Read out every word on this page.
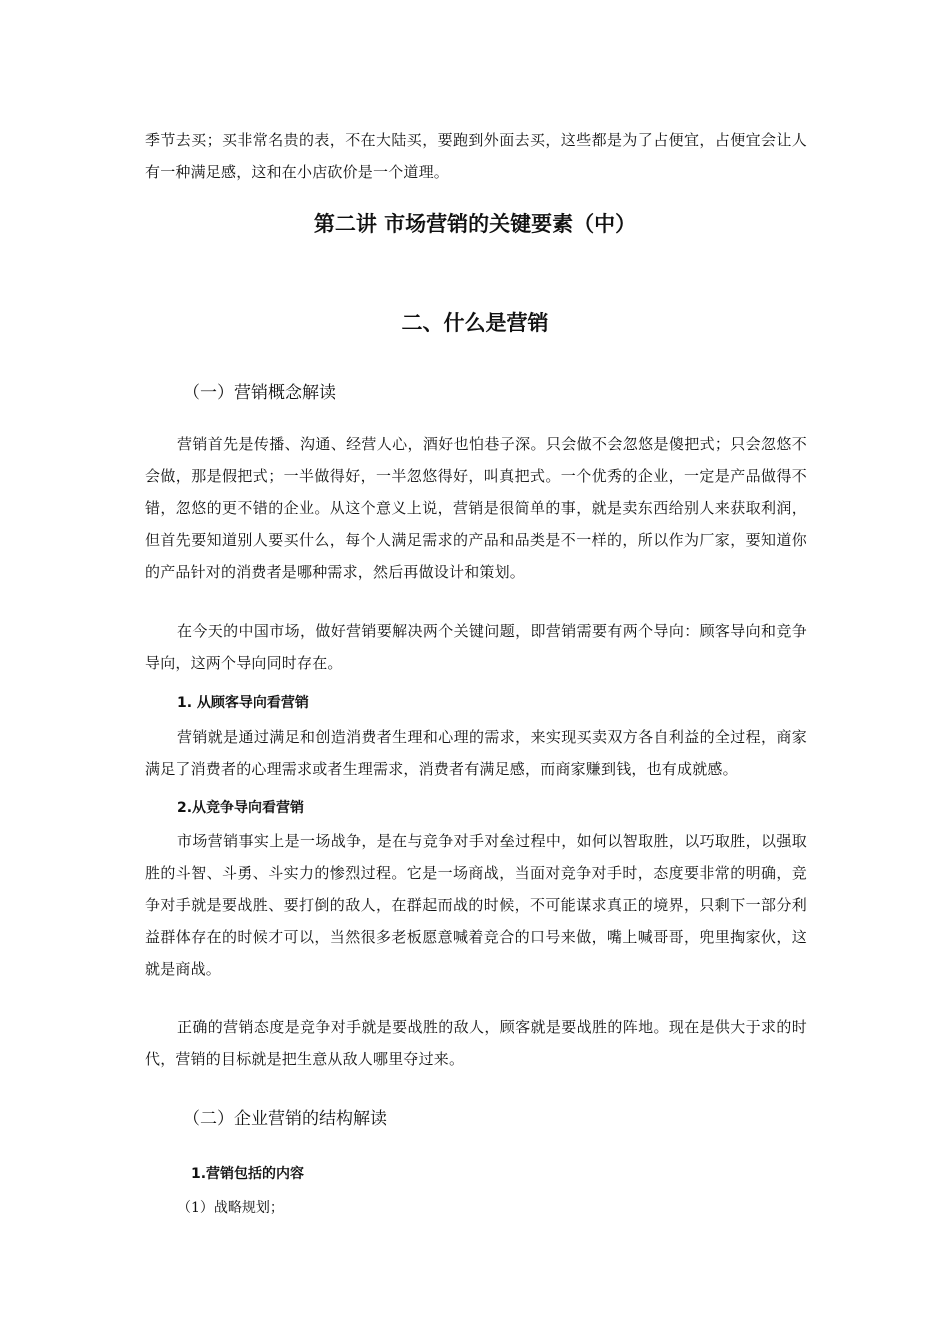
季节去买；买非常名贵的表，不在大陆买，要跑到外面去买，这些都是为了占便宜，占便宜会让人有一种满足感，这和在小店砍价是一个道理。

第二讲 市场营销的关键要素（中）
二、什么是营销
（一）营销概念解读

营销首先是传播、沟通、经营人心，酒好也怕巷子深。只会做不会忽悠是傻把式；只会忽悠不会做，那是假把式；一半做得好，一半忽悠得好，叫真把式。一个优秀的企业，一定是产品做得不错，忽悠的更不错的企业。从这个意义上说，营销是很简单的事，就是卖东西给别人来获取利润，但首先要知道别人要买什么，每个人满足需求的产品和品类是不一样的，所以作为厂家，要知道你的产品针对的消费者是哪种需求，然后再做设计和策划。

在今天的中国市场，做好营销要解决两个关键问题，即营销需要有两个导向：顾客导向和竞争导向，这两个导向同时存在。

1. 从顾客导向看营销

营销就是通过满足和创造消费者生理和心理的需求，来实现买卖双方各自利益的全过程，商家满足了消费者的心理需求或者生理需求，消费者有满足感，而商家赚到钱，也有成就感。

2.从竞争导向看营销

市场营销事实上是一场战争，是在与竞争对手对垒过程中，如何以智取胜，以巧取胜，以强取胜的斗智、斗勇、斗实力的惨烈过程。它是一场商战，当面对竞争对手时，态度要非常的明确，竞争对手就是要战胜、要打倒的敌人，在群起而战的时候，不可能谋求真正的境界，只剩下一部分利益群体存在的时候才可以，当然很多老板愿意喊着竞合的口号来做，嘴上喊哥哥，兜里掏家伙，这就是商战。

正确的营销态度是竞争对手就是要战胜的敌人，顾客就是要战胜的阵地。现在是供大于求的时代，营销的目标就是把生意从敌人哪里夺过来。

（二）企业营销的结构解读
1.营销包括的内容

（1）战略规划；
